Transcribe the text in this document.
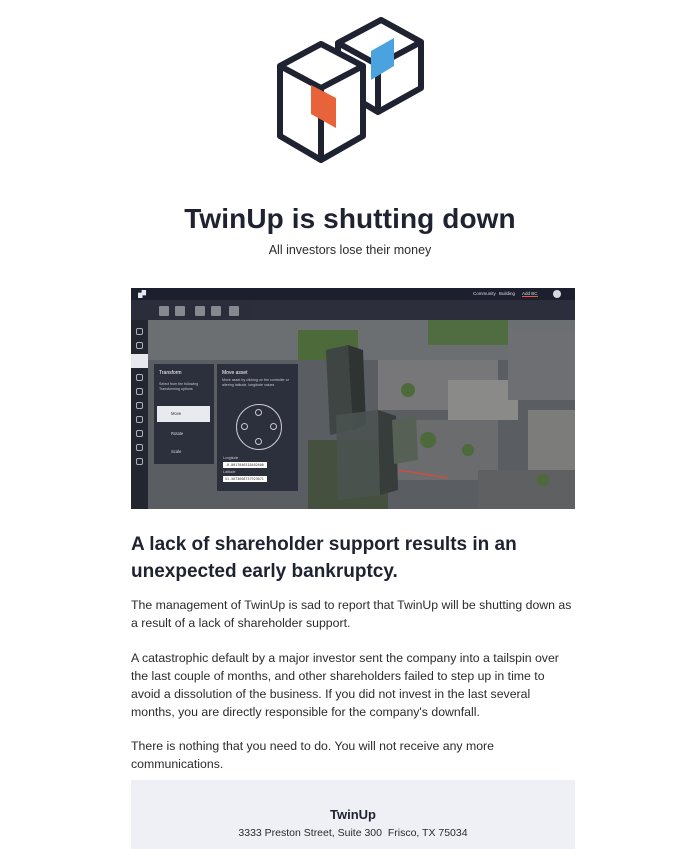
TwinUp is shutting down
All investors lose their money
Community Building Add BC
Transform
Select from the following Transforming options
Move
Rotate
Scale
Move asset
Move asset by clicking on the controller or altering latitude, longitude values
Longitude
-0.0017046318402600
Latitude
51.5073608757923071
A lack of shareholder support results in an unexpected early bankruptcy.

The management of TwinUp is sad to report that TwinUp will be shutting down as a result of a lack of shareholder support.

A catastrophic default by a major investor sent the company into a tailspin over the last couple of months, and other shareholders failed to step up in time to avoid a dissolution of the business. If you did not invest in the last several months, you are directly responsible for the company's downfall.

There is nothing that you need to do. You will not receive any more communications.

TwinUp
3333 Preston Street, Suite 300  Frisco, TX 75034
